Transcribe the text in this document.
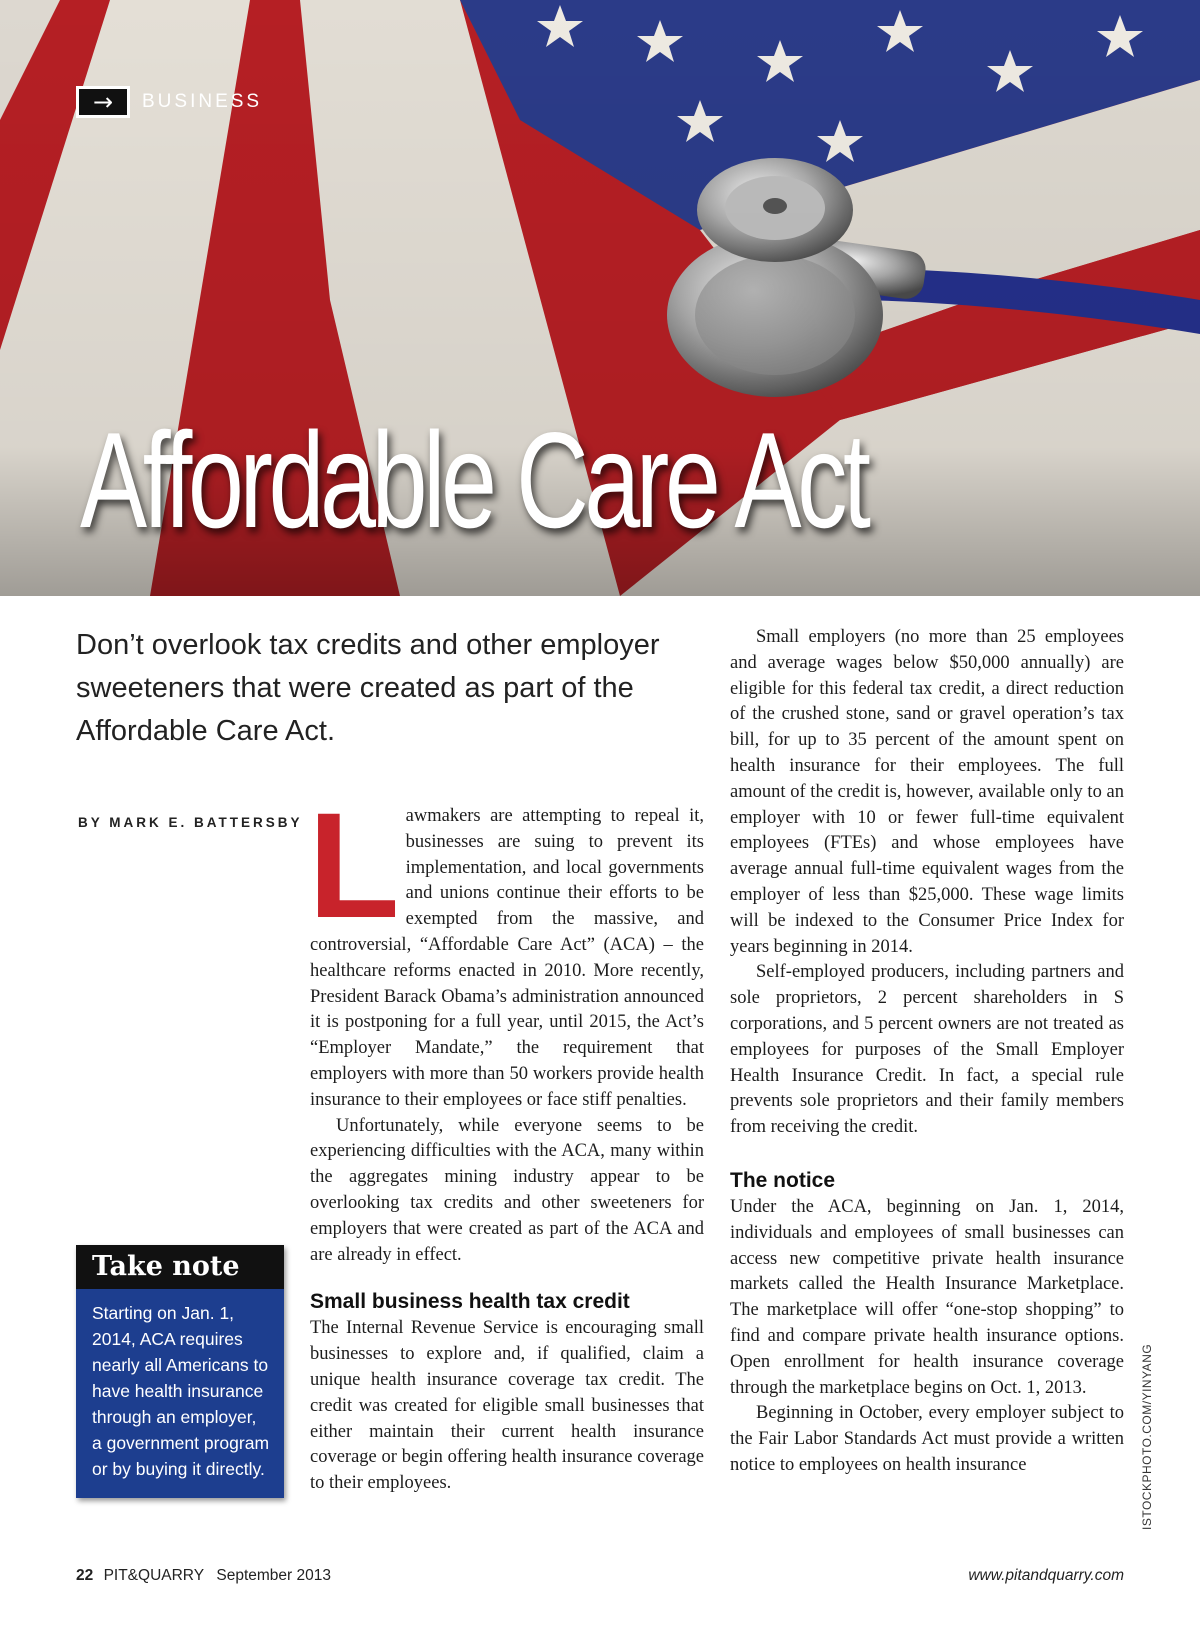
→	BUSINESS
Affordable Care Act
Don’t overlook tax credits and other employer sweeteners that were created as part of the Affordable Care Act.
BY MARK E. BATTERSBY Lawmakers are attempting to repeal it, businesses are suing to prevent its implementation, and local governments and unions continue their efforts to be exempted from the massive, and controversial, “Affordable Care Act” (ACA) – the healthcare reforms enacted in 2010. More recently, President Barack Obama’s administration announced it is postponing for a full year, until 2015, the Act’s “Employer Mandate,” the requirement that employers with more than 50 workers provide health insurance to their employees or face stiff penalties.

Unfortunately, while everyone seems to be experiencing difficulties with the ACA, many within the aggregates mining industry appear to be overlooking tax credits and other sweeteners for employers that were created as part of the ACA and are already in effect.

Small business health tax credit

The Internal Revenue Service is encouraging small businesses to explore and, if qualified, claim a unique health insurance coverage tax credit. The credit was created for eligible small businesses that either maintain their current health insurance coverage or begin offering health insurance coverage to their employees.

Small employers (no more than 25 employees and average wages below $50,000 annually) are eligible for this federal tax credit, a direct reduction of the crushed stone, sand or gravel operation’s tax bill, for up to 35 percent of the amount spent on health insurance for their employees. The full amount of the credit is, however, available only to an employer with 10 or fewer full-time equivalent employees (FTEs) and whose employees have average annual full-time equivalent wages from the employer of less than $25,000. These wage limits will be indexed to the Consumer Price Index for years beginning in 2014.

Self-employed producers, including partners and sole proprietors, 2 percent shareholders in S corporations, and 5 percent owners are not treated as employees for purposes of the Small Employer Health Insurance Credit. In fact, a special rule prevents sole proprietors and their family members from receiving the credit.

The notice

Under the ACA, beginning on Jan. 1, 2014, individuals and employees of small businesses can access new competitive private health insurance markets called the Health Insurance Marketplace. The marketplace will offer “one-stop shopping” to find and compare private health insurance options. Open enrollment for health insurance coverage through the marketplace begins on Oct. 1, 2013.

Beginning in October, every employer subject to the Fair Labor Standards Act must provide a written notice to employees on health insurance

Take note
Starting on Jan. 1, 2014, ACA requires nearly all Americans to have health insurance through an employer, a government program or by buying it directly.	ISTOCKPHOTO.COM/YINYANG
22 PIT&QUARRY September 2013	www.pitandquarry.com
